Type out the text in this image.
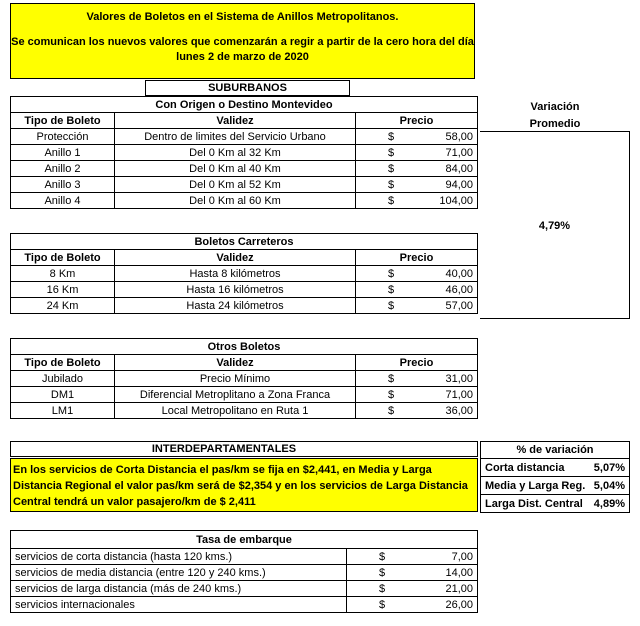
Valores de Boletos en el Sistema de Anillos Metropolitanos.
Se comunican los nuevos valores que comenzarán a regir a partir de la cero hora del día
lunes 2 de marzo de 2020
SUBURBANOS
Con Origen o Destino Montevideo		
Tipo de Boleto	Validez	Precio
Protección	Dentro de limites del Servicio Urbano	$ 58,00

Anillo 1	Del 0 Km al 32 Km	$ 71,00

Anillo 2	Del 0 Km al 40 Km	$ 84,00

Anillo 3	Del 0 Km al 52 Km	$ 94,00

Anillo 4	Del 0 Km al 60 Km	$ 104,00
Variación
Promedio
4,79%
Boletos Carreteros		
Tipo de Boleto	Validez	Precio
8 Km	Hasta 8 kilómetros	$ 40,00

16 Km	Hasta 16 kilómetros	$ 46,00

24 Km	Hasta 24 kilómetros	$ 57,00
Otros Boletos		
Tipo de Boleto	Validez	Precio
Jubilado	Precio Mínimo	$ 31,00

DM1	Diferencial Metroplitano a Zona Franca	$ 71,00

LM1	Local Metropolitano en Ruta 1	$ 36,00
INTERDEPARTAMENTALES
En los servicios de Corta Distancia el pas/km se fija en $2,441, en Media y Larga
Distancia Regional el valor pas/km será de $2,354 y en los servicios de Larga Distancia
Central tendrá un valor pasajero/km de $ 2,411
% de variación	
Corta distancia	5,07%
Media y Larga Reg.	5,04%
Larga Dist. Central	4,89%
Tasa de embarque	
servicios de corta distancia (hasta 120 kms.)	$ 7,00

servicios de media distancia (entre 120 y 240 kms.)	$ 14,00

servicios de larga distancia (más de 240 kms.)	$ 21,00

servicios internacionales	$ 26,00
